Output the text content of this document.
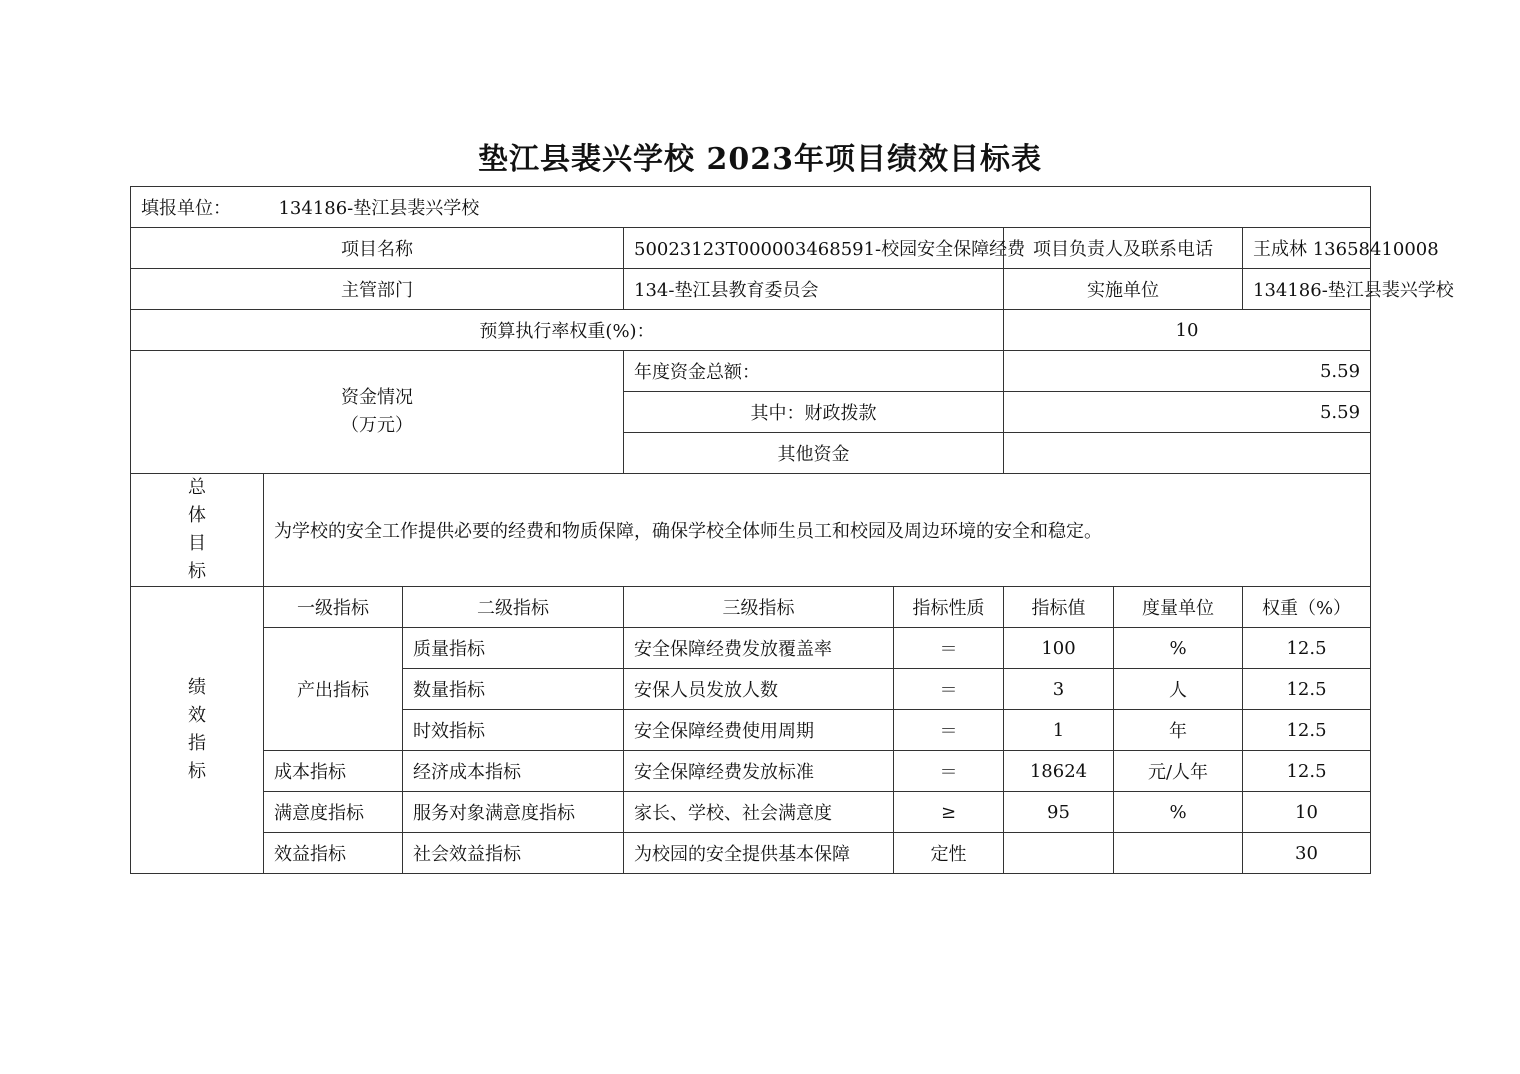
垫江县裴兴学校 2023年项目绩效目标表
填报单位： 134186-垫江县裴兴学校							
项目名称			50023123T000003468591-校园安全保障经费		项目负责人及联系电话		王成林 13658410008
主管部门			134-垫江县教育委员会		实施单位		134186-垫江县裴兴学校
预算执行率权重(%)：					10		

资金情况
（万元）			年度资金总额：		5.59		
			其中：财政拨款		5.59		
			其他资金				
总体目标	为学校的安全工作提供必要的经费和物质保障，确保学校全体师生员工和校园及周边环境的安全和稳定。						
绩效指标	一级指标	二级指标	三级指标	指标性质	指标值	度量单位	权重（%）
	产出指标	质量指标	安全保障经费发放覆盖率	＝	100	%	12.5
		数量指标	安保人员发放人数	＝	3	人	12.5
		时效指标	安全保障经费使用周期	＝	1	年	12.5
	成本指标	经济成本指标	安全保障经费发放标准	＝	18624	元/人年	12.5
	满意度指标	服务对象满意度指标	家长、学校、社会满意度	≥	95	%	10
	效益指标	社会效益指标	为校园的安全提供基本保障	定性			30
